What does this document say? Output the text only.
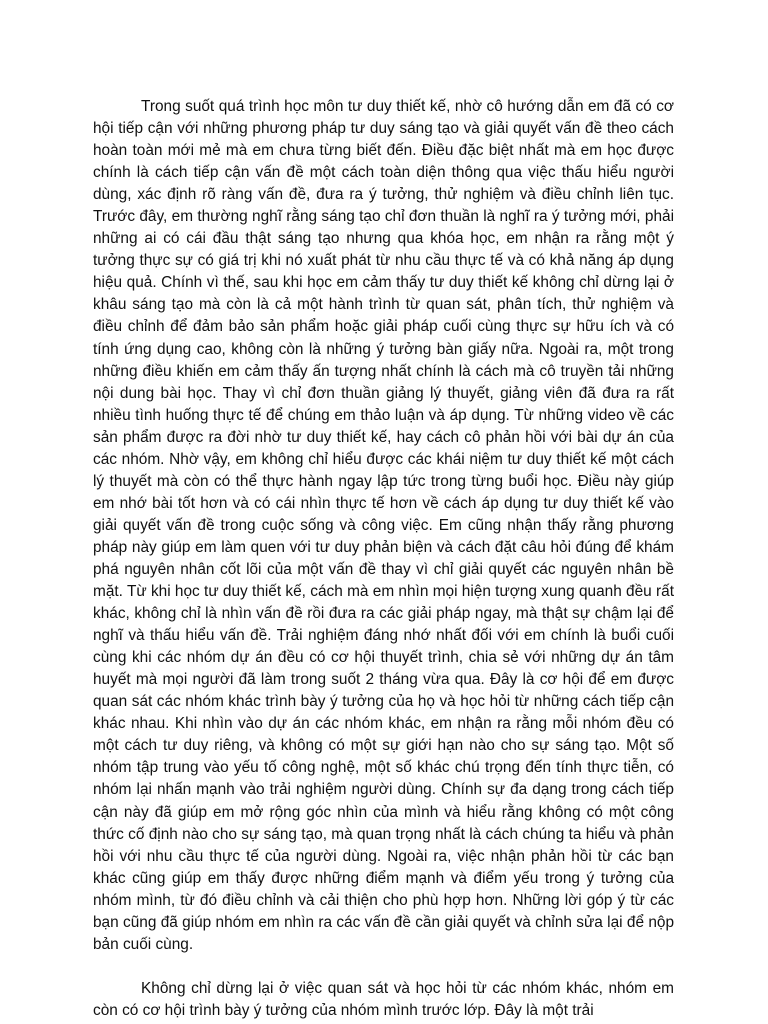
Trong suốt quá trình học môn tư duy thiết kế, nhờ cô hướng dẫn em đã có cơ hội tiếp cận với những phương pháp tư duy sáng tạo và giải quyết vấn đề theo cách hoàn toàn mới mẻ mà em chưa từng biết đến. Điều đặc biệt nhất mà em học được chính là cách tiếp cận vấn đề một cách toàn diện thông qua việc thấu hiểu người dùng, xác định rõ ràng vấn đề, đưa ra ý tưởng, thử nghiệm và điều chỉnh liên tục. Trước đây, em thường nghĩ rằng sáng tạo chỉ đơn thuần là nghĩ ra ý tưởng mới, phải những ai có cái đầu thật sáng tạo nhưng qua khóa học, em nhận ra rằng một ý tưởng thực sự có giá trị khi nó xuất phát từ nhu cầu thực tế và có khả năng áp dụng hiệu quả. Chính vì thế, sau khi học em cảm thấy tư duy thiết kế không chỉ dừng lại ở khâu sáng tạo mà còn là cả một hành trình từ quan sát, phân tích, thử nghiệm và điều chỉnh để đảm bảo sản phẩm hoặc giải pháp cuối cùng thực sự hữu ích và có tính ứng dụng cao, không còn là những ý tưởng bàn giấy nữa. Ngoài ra, một trong những điều khiến em cảm thấy ấn tượng nhất chính là cách mà cô truyền tải những nội dung bài học. Thay vì chỉ đơn thuần giảng lý thuyết, giảng viên đã đưa ra rất nhiều tình huống thực tế để chúng em thảo luận và áp dụng. Từ những video về các sản phẩm được ra đời nhờ tư duy thiết kế, hay cách cô phản hồi với bài dự án của các nhóm. Nhờ vậy, em không chỉ hiểu được các khái niệm tư duy thiết kế một cách lý thuyết mà còn có thể thực hành ngay lập tức trong từng buổi học. Điều này giúp em nhớ bài tốt hơn và có cái nhìn thực tế hơn về cách áp dụng tư duy thiết kế vào giải quyết vấn đề trong cuộc sống và công việc. Em cũng nhận thấy rằng phương pháp này giúp em làm quen với tư duy phản biện và cách đặt câu hỏi đúng để khám phá nguyên nhân cốt lõi của một vấn đề thay vì chỉ giải quyết các nguyên nhân bề mặt. Từ khi học tư duy thiết kế, cách mà em nhìn mọi hiện tượng xung quanh đều rất khác, không chỉ là nhìn vấn đề rồi đưa ra các giải pháp ngay, mà thật sự chậm lại để nghĩ và thấu hiểu vấn đề. Trải nghiệm đáng nhớ nhất đối với em chính là buổi cuối cùng khi các nhóm dự án đều có cơ hội thuyết trình, chia sẻ với những dự án tâm huyết mà mọi người đã làm trong suốt 2 tháng vừa qua. Đây là cơ hội để em được quan sát các nhóm khác trình bày ý tưởng của họ và học hỏi từ những cách tiếp cận khác nhau. Khi nhìn vào dự án các nhóm khác, em nhận ra rằng mỗi nhóm đều có một cách tư duy riêng, và không có một sự giới hạn nào cho sự sáng tạo. Một số nhóm tập trung vào yếu tố công nghệ, một số khác chú trọng đến tính thực tiễn, có nhóm lại nhấn mạnh vào trải nghiệm người dùng. Chính sự đa dạng trong cách tiếp cận này đã giúp em mở rộng góc nhìn của mình và hiểu rằng không có một công thức cố định nào cho sự sáng tạo, mà quan trọng nhất là cách chúng ta hiểu và phản hồi với nhu cầu thực tế của người dùng. Ngoài ra, việc nhận phản hồi từ các bạn khác cũng giúp em thấy được những điểm mạnh và điểm yếu trong ý tưởng của nhóm mình, từ đó điều chỉnh và cải thiện cho phù hợp hơn. Những lời góp ý từ các bạn cũng đã giúp nhóm em nhìn ra các vấn đề cần giải quyết và chỉnh sửa lại để nộp bản cuối cùng.

Không chỉ dừng lại ở việc quan sát và học hỏi từ các nhóm khác, nhóm em còn có cơ hội trình bày ý tưởng của nhóm mình trước lớp. Đây là một trải
